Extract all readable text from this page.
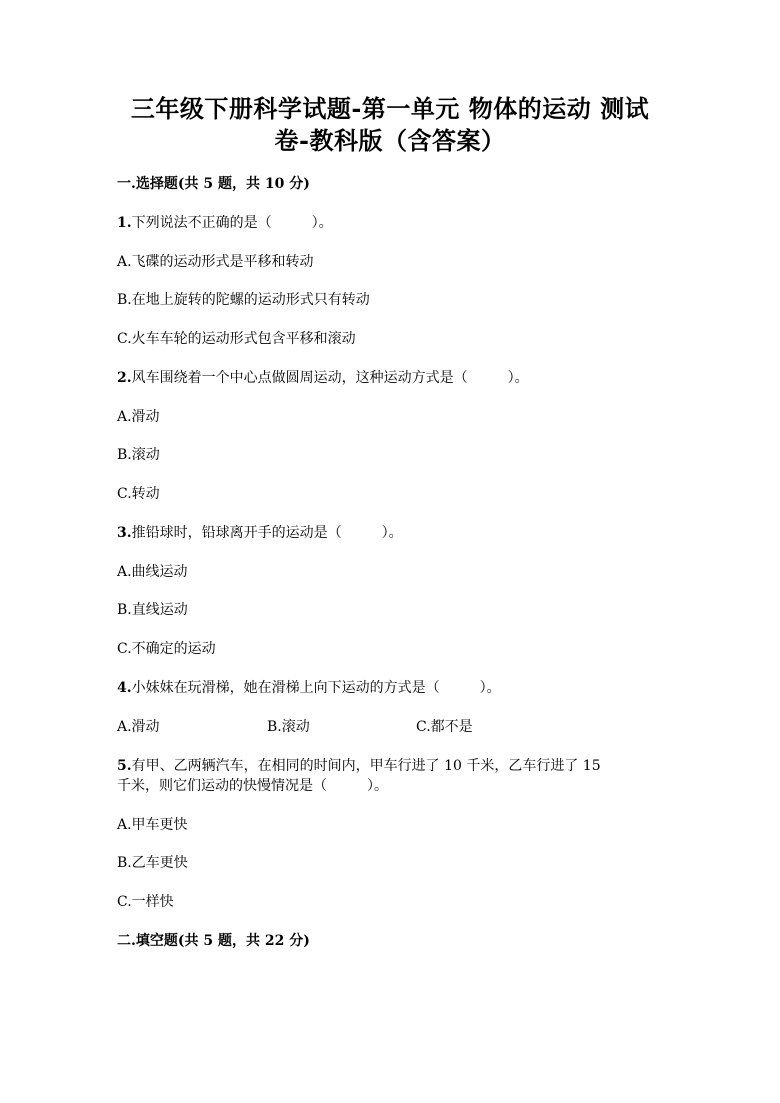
三年级下册科学试题-第一单元 物体的运动 测试
卷-教科版（含答案）
一.选择题(共 5 题，共 10 分)
1.下列说法不正确的是（	）。
A.飞碟的运动形式是平移和转动
B.在地上旋转的陀螺的运动形式只有转动
C.火车车轮的运动形式包含平移和滚动
2.风车围绕着一个中心点做圆周运动，这种运动方式是（	）。
A.滑动
B.滚动
C.转动
3.推铅球时，铅球离开手的运动是（	）。
A.曲线运动
B.直线运动
C.不确定的运动
4.小妹妹在玩滑梯，她在滑梯上向下运动的方式是（	）。
A.滑动	B.滚动	C.都不是
5.有甲、乙两辆汽车，在相同的时间内，甲车行进了 10 千米，乙车行进了 15
千米，则它们运动的快慢情况是（	）。
A.甲车更快
B.乙车更快
C.一样快
二.填空题(共 5 题，共 22 分)
